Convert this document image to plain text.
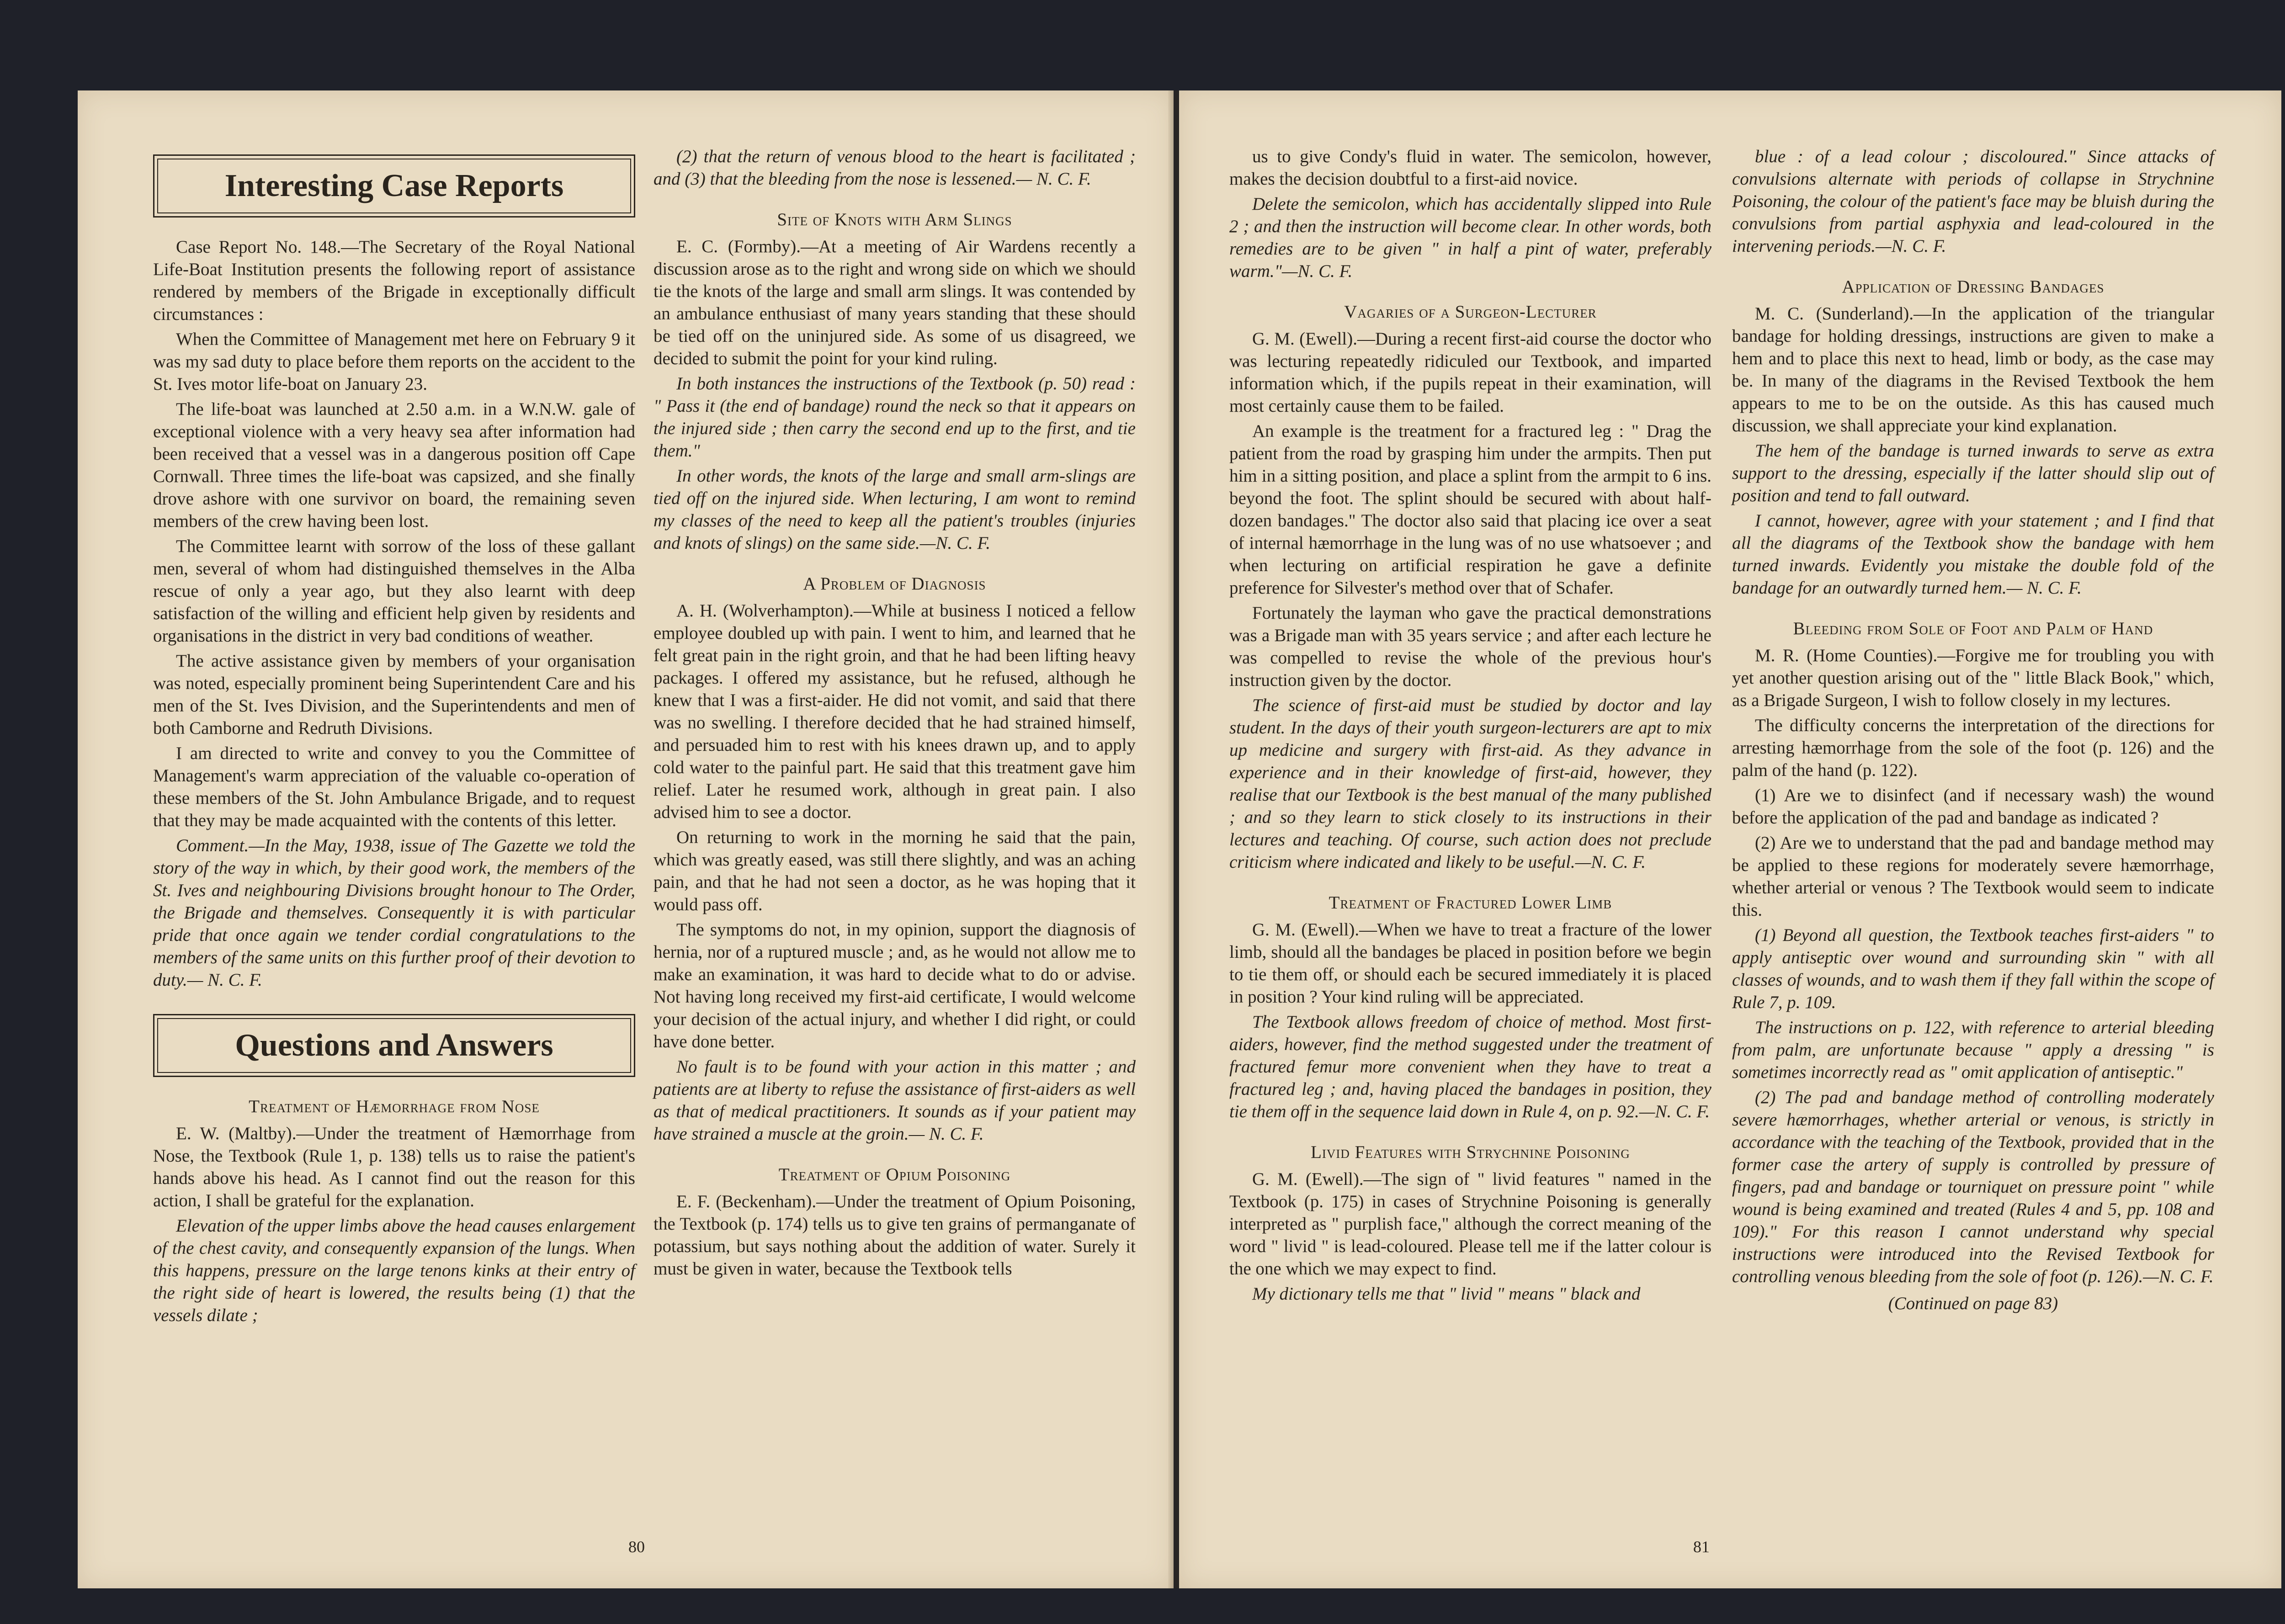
Interesting Case Reports

Case Report No. 148.—The Secretary of the Royal National Life-Boat Institution presents the following report of assistance rendered by members of the Brigade in exceptionally difficult circumstances :

When the Committee of Management met here on February 9 it was my sad duty to place before them reports on the accident to the St. Ives motor life-boat on January 23.

The life-boat was launched at 2.50 a.m. in a W.N.W. gale of exceptional violence with a very heavy sea after information had been received that a vessel was in a dangerous position off Cape Cornwall. Three times the life-boat was capsized, and she finally drove ashore with one survivor on board, the remaining seven members of the crew having been lost.

The Committee learnt with sorrow of the loss of these gallant men, several of whom had distinguished themselves in the Alba rescue of only a year ago, but they also learnt with deep satisfaction of the willing and efficient help given by residents and organisations in the district in very bad conditions of weather.

The active assistance given by members of your organisation was noted, especially prominent being Superintendent Care and his men of the St. Ives Division, and the Superintendents and men of both Camborne and Redruth Divisions.

I am directed to write and convey to you the Committee of Management's warm appreciation of the valuable co-operation of these members of the St. John Ambulance Brigade, and to request that they may be made acquainted with the contents of this letter.

Comment.—In the May, 1938, issue of The Gazette we told the story of the way in which, by their good work, the members of the St. Ives and neighbouring Divisions brought honour to The Order, the Brigade and themselves. Consequently it is with particular pride that once again we tender cordial congratulations to the members of the same units on this further proof of their devotion to duty.— N. C. F.

Questions and Answers
Treatment of Hæmorrhage from Nose

E. W. (Maltby).—Under the treatment of Hæmorrhage from Nose, the Textbook (Rule 1, p. 138) tells us to raise the patient's hands above his head. As I cannot find out the reason for this action, I shall be grateful for the explanation.

Elevation of the upper limbs above the head causes enlargement of the chest cavity, and consequently expansion of the lungs. When this happens, pressure on the large tenons kinks at their entry of the right side of heart is lowered, the results being (1) that the vessels dilate ;

(2) that the return of venous blood to the heart is facilitated ; and (3) that the bleeding from the nose is lessened.— N. C. F.

Site of Knots with Arm Slings

E. C. (Formby).—At a meeting of Air Wardens recently a discussion arose as to the right and wrong side on which we should tie the knots of the large and small arm slings. It was contended by an ambulance enthusiast of many years standing that these should be tied off on the uninjured side. As some of us disagreed, we decided to submit the point for your kind ruling.

In both instances the instructions of the Textbook (p. 50) read : " Pass it (the end of bandage) round the neck so that it appears on the injured side ; then carry the second end up to the first, and tie them."

In other words, the knots of the large and small arm-slings are tied off on the injured side. When lecturing, I am wont to remind my classes of the need to keep all the patient's troubles (injuries and knots of slings) on the same side.—N. C. F.

A Problem of Diagnosis

A. H. (Wolverhampton).—While at business I noticed a fellow employee doubled up with pain. I went to him, and learned that he felt great pain in the right groin, and that he had been lifting heavy packages. I offered my assistance, but he refused, although he knew that I was a first-aider. He did not vomit, and said that there was no swelling. I therefore decided that he had strained himself, and persuaded him to rest with his knees drawn up, and to apply cold water to the painful part. He said that this treatment gave him relief. Later he resumed work, although in great pain. I also advised him to see a doctor.

On returning to work in the morning he said that the pain, which was greatly eased, was still there slightly, and was an aching pain, and that he had not seen a doctor, as he was hoping that it would pass off.

The symptoms do not, in my opinion, support the diagnosis of hernia, nor of a ruptured muscle ; and, as he would not allow me to make an examination, it was hard to decide what to do or advise. Not having long received my first-aid certificate, I would welcome your decision of the actual injury, and whether I did right, or could have done better.

No fault is to be found with your action in this matter ; and patients are at liberty to refuse the assistance of first-aiders as well as that of medical practitioners. It sounds as if your patient may have strained a muscle at the groin.— N. C. F.

Treatment of Opium Poisoning

E. F. (Beckenham).—Under the treatment of Opium Poisoning, the Textbook (p. 174) tells us to give ten grains of permanganate of potassium, but says nothing about the addition of water. Surely it must be given in water, because the Textbook tells

80

us to give Condy's fluid in water. The semicolon, however, makes the decision doubtful to a first-aid novice.

Delete the semicolon, which has accidentally slipped into Rule 2 ; and then the instruction will become clear. In other words, both remedies are to be given " in half a pint of water, preferably warm."—N. C. F.

Vagaries of a Surgeon-Lecturer

G. M. (Ewell).—During a recent first-aid course the doctor who was lecturing repeatedly ridiculed our Textbook, and imparted information which, if the pupils repeat in their examination, will most certainly cause them to be failed.

An example is the treatment for a fractured leg : " Drag the patient from the road by grasping him under the armpits. Then put him in a sitting position, and place a splint from the armpit to 6 ins. beyond the foot. The splint should be secured with about half-dozen bandages." The doctor also said that placing ice over a seat of internal hæmorrhage in the lung was of no use whatsoever ; and when lecturing on artificial respiration he gave a definite preference for Silvester's method over that of Schafer.

Fortunately the layman who gave the practical demonstrations was a Brigade man with 35 years service ; and after each lecture he was compelled to revise the whole of the previous hour's instruction given by the doctor.

The science of first-aid must be studied by doctor and lay student. In the days of their youth surgeon-lecturers are apt to mix up medicine and surgery with first-aid. As they advance in experience and in their knowledge of first-aid, however, they realise that our Textbook is the best manual of the many published ; and so they learn to stick closely to its instructions in their lectures and teaching. Of course, such action does not preclude criticism where indicated and likely to be useful.—N. C. F.

Treatment of Fractured Lower Limb

G. M. (Ewell).—When we have to treat a fracture of the lower limb, should all the bandages be placed in position before we begin to tie them off, or should each be secured immediately it is placed in position ? Your kind ruling will be appreciated.

The Textbook allows freedom of choice of method. Most first-aiders, however, find the method suggested under the treatment of fractured femur more convenient when they have to treat a fractured leg ; and, having placed the bandages in position, they tie them off in the sequence laid down in Rule 4, on p. 92.—N. C. F.

Livid Features with Strychnine Poisoning

G. M. (Ewell).—The sign of " livid features " named in the Textbook (p. 175) in cases of Strychnine Poisoning is generally interpreted as " purplish face," although the correct meaning of the word " livid " is lead-coloured. Please tell me if the latter colour is the one which we may expect to find.

My dictionary tells me that " livid " means " black and

blue : of a lead colour ; discoloured." Since attacks of convulsions alternate with periods of collapse in Strychnine Poisoning, the colour of the patient's face may be bluish during the convulsions from partial asphyxia and lead-coloured in the intervening periods.—N. C. F.

Application of Dressing Bandages

M. C. (Sunderland).—In the application of the triangular bandage for holding dressings, instructions are given to make a hem and to place this next to head, limb or body, as the case may be. In many of the diagrams in the Revised Textbook the hem appears to me to be on the outside. As this has caused much discussion, we shall appreciate your kind explanation.

The hem of the bandage is turned inwards to serve as extra support to the dressing, especially if the latter should slip out of position and tend to fall outward.

I cannot, however, agree with your statement ; and I find that all the diagrams of the Textbook show the bandage with hem turned inwards. Evidently you mistake the double fold of the bandage for an outwardly turned hem.— N. C. F.

Bleeding from Sole of Foot and Palm of Hand

M. R. (Home Counties).—Forgive me for troubling you with yet another question arising out of the " little Black Book," which, as a Brigade Surgeon, I wish to follow closely in my lectures.

The difficulty concerns the interpretation of the directions for arresting hæmorrhage from the sole of the foot (p. 126) and the palm of the hand (p. 122).

(1) Are we to disinfect (and if necessary wash) the wound before the application of the pad and bandage as indicated ?

(2) Are we to understand that the pad and bandage method may be applied to these regions for moderately severe hæmorrhage, whether arterial or venous ? The Textbook would seem to indicate this.

(1) Beyond all question, the Textbook teaches first-aiders " to apply antiseptic over wound and surrounding skin " with all classes of wounds, and to wash them if they fall within the scope of Rule 7, p. 109.

The instructions on p. 122, with reference to arterial bleeding from palm, are unfortunate because " apply a dressing " is sometimes incorrectly read as " omit application of antiseptic."

(2) The pad and bandage method of controlling moderately severe hæmorrhages, whether arterial or venous, is strictly in accordance with the teaching of the Textbook, provided that in the former case the artery of supply is controlled by pressure of fingers, pad and bandage or tourniquet on pressure point " while wound is being examined and treated (Rules 4 and 5, pp. 108 and 109)." For this reason I cannot understand why special instructions were introduced into the Revised Textbook for controlling venous bleeding from the sole of foot (p. 126).—N. C. F.

(Continued on page 83)
81
